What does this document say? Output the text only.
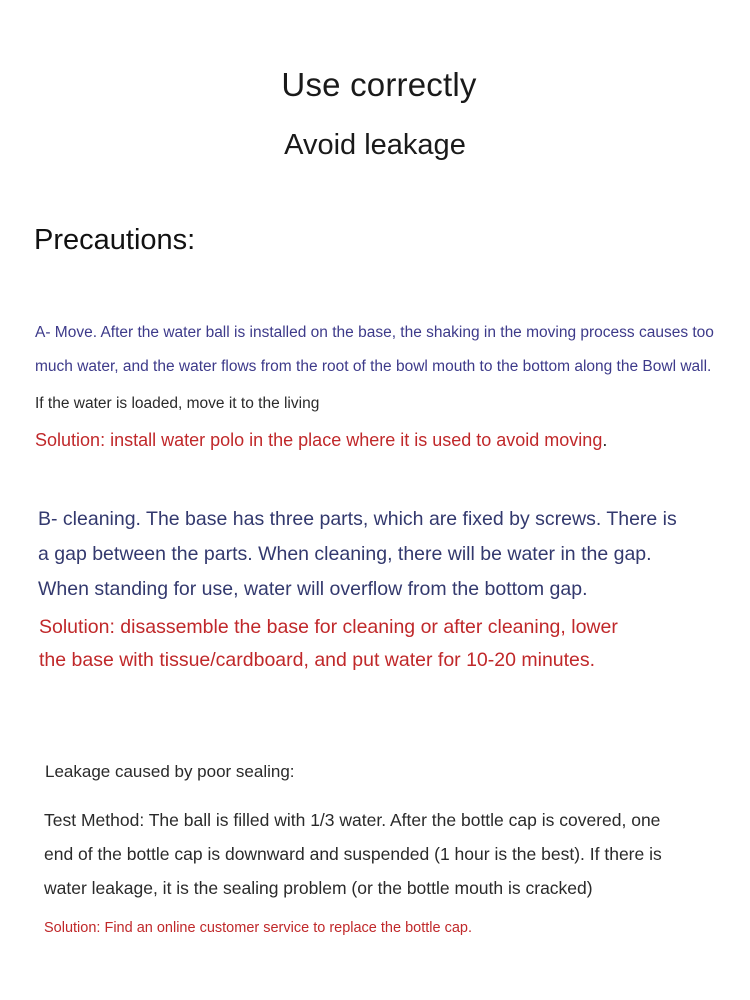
Use correctly
Avoid leakage
Precautions:
A- Move. After the water ball is installed on the base, the shaking in the moving process causes too
much water, and the water flows from the root of the bowl mouth to the bottom along the Bowl wall.
If the water is loaded, move it to the living
Solution: install water polo in the place where it is used to avoid moving.
B- cleaning. The base has three parts, which are fixed by screws. There is
a gap between the parts. When cleaning, there will be water in the gap.
When standing for use, water will overflow from the bottom gap.
Solution: disassemble the base for cleaning or after cleaning, lower
the base with tissue/cardboard, and put water for 10-20 minutes.
Leakage caused by poor sealing:
Test Method: The ball is filled with 1/3 water. After the bottle cap is covered, one
end of the bottle cap is downward and suspended (1 hour is the best). If there is
water leakage, it is the sealing problem (or the bottle mouth is cracked)
Solution: Find an online customer service to replace the bottle cap.
